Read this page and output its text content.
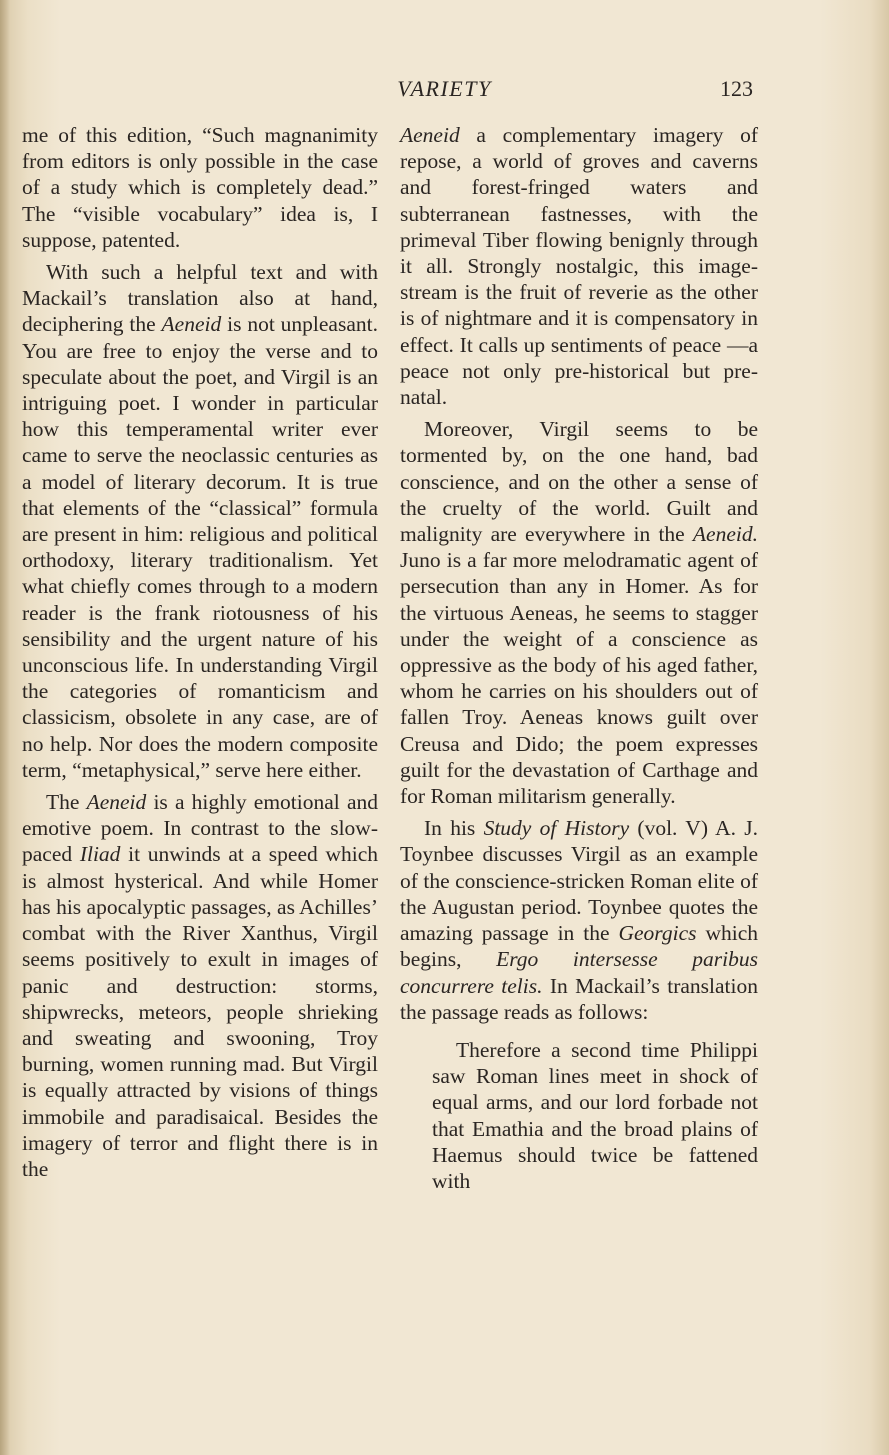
VARIETY	123

me of this edition, “Such magnanimity from editors is only possible in the case of a study which is completely dead.” The “visible vocabulary” idea is, I suppose, patented.

With such a helpful text and with Mackail’s translation also at hand, deciphering the Aeneid is not unpleasant. You are free to enjoy the verse and to speculate about the poet, and Virgil is an intriguing poet. I wonder in particular how this temperamental writer ever came to serve the neoclassic centuries as a model of literary decorum. It is true that elements of the “classical” formula are present in him: religious and political orthodoxy, literary traditionalism. Yet what chiefly comes through to a modern reader is the frank riotousness of his sensibility and the urgent nature of his unconscious life. In understanding Virgil the categories of romanticism and classicism, obsolete in any case, are of no help. Nor does the modern composite term, “metaphysical,” serve here either.

The Aeneid is a highly emotional and emotive poem. In contrast to the slow-paced Iliad it unwinds at a speed which is almost hysterical. And while Homer has his apocalyptic passages, as Achilles’ combat with the River Xanthus, Virgil seems positively to exult in images of panic and destruction: storms, shipwrecks, meteors, people shrieking and sweating and swooning, Troy burning, women running mad. But Virgil is equally attracted by visions of things immobile and paradisaical. Besides the imagery of terror and flight there is in the

Aeneid a complementary imagery of repose, a world of groves and caverns and forest-fringed waters and subterranean fastnesses, with the primeval Tiber flowing benignly through it all. Strongly nostalgic, this image-stream is the fruit of reverie as the other is of nightmare and it is compensatory in effect. It calls up sentiments of peace —a peace not only pre-historical but pre-natal.

Moreover, Virgil seems to be tormented by, on the one hand, bad conscience, and on the other a sense of the cruelty of the world. Guilt and malignity are everywhere in the Aeneid. Juno is a far more melodramatic agent of persecution than any in Homer. As for the virtuous Aeneas, he seems to stagger under the weight of a conscience as oppressive as the body of his aged father, whom he carries on his shoulders out of fallen Troy. Aeneas knows guilt over Creusa and Dido; the poem expresses guilt for the devastation of Carthage and for Roman militarism generally.

In his Study of History (vol. V) A. J. Toynbee discusses Virgil as an example of the conscience-stricken Roman elite of the Augustan period. Toynbee quotes the amazing passage in the Georgics which begins, Ergo intersesse paribus concurrere telis. In Mackail’s translation the passage reads as follows:

Therefore a second time Philippi saw Roman lines meet in shock of equal arms, and our lord forbade not that Emathia and the broad plains of Haemus should twice be fattened with
